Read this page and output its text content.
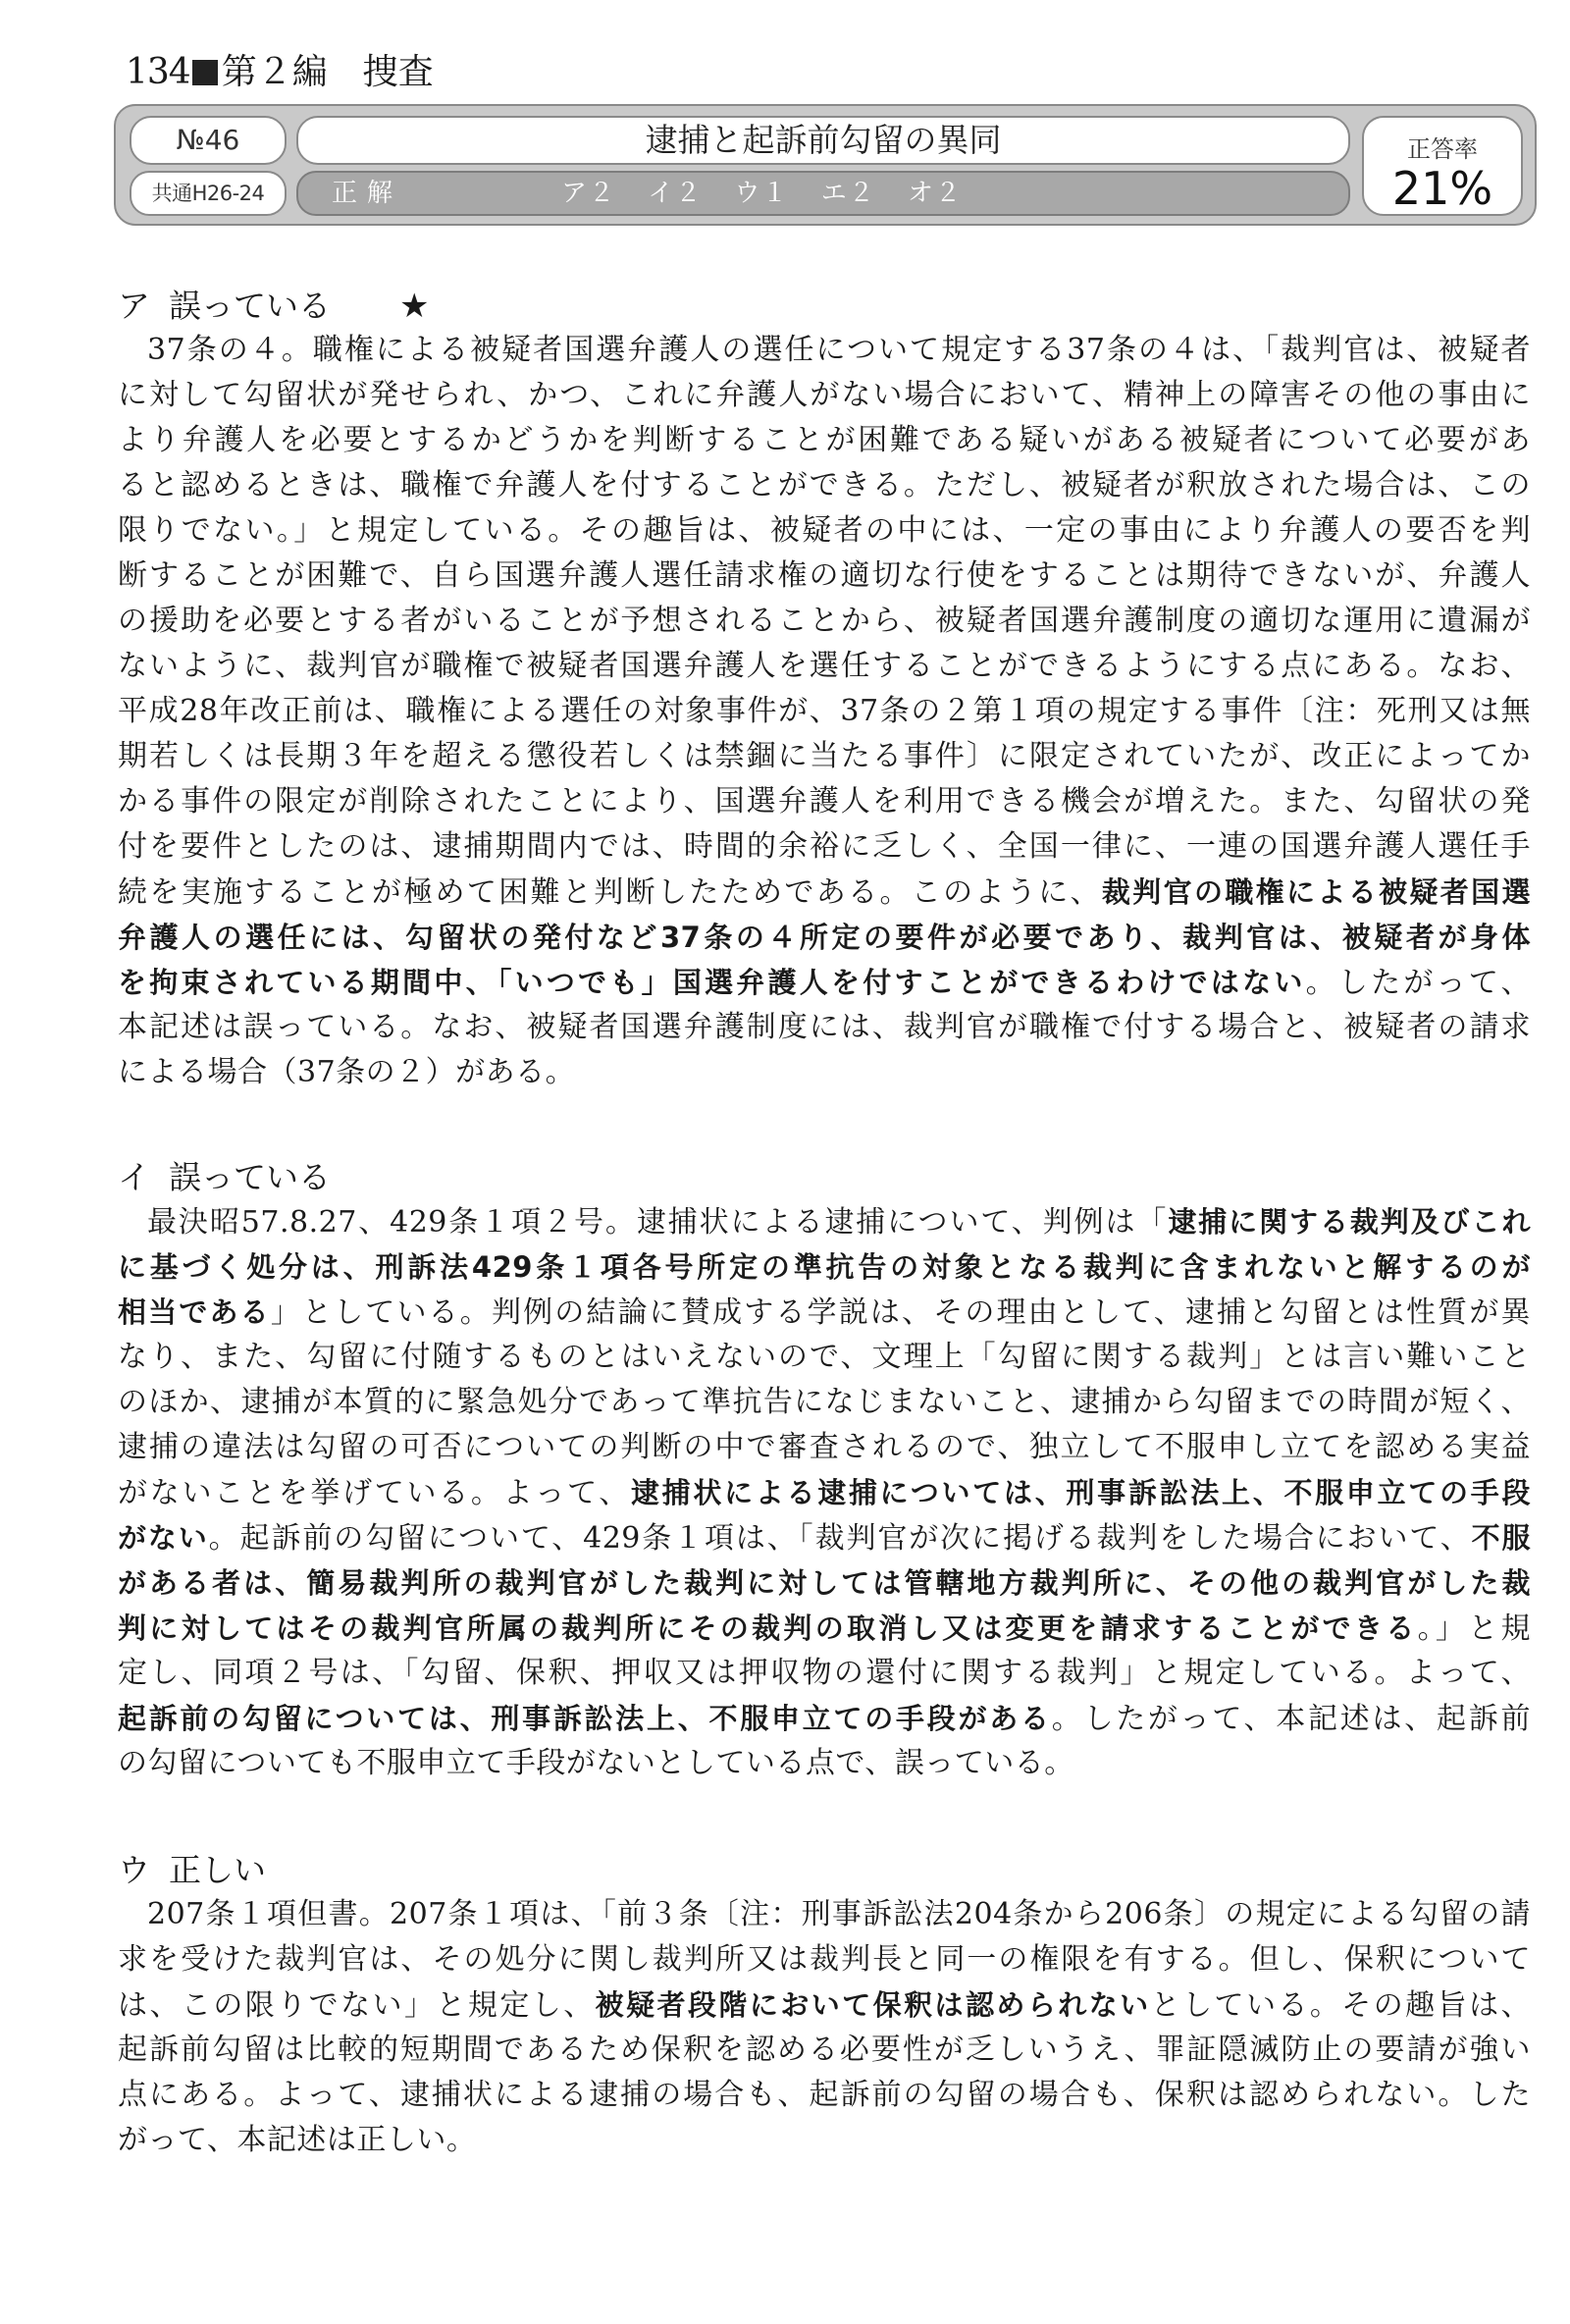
134 第２編　捜査
№46
共通H26-24
逮捕と起訴前勾留の異同
正解	ア２ イ２ ウ１ エ２ オ２
正答率
21%
ア 誤っている ★
37条の４。職権による被疑者国選弁護人の選任について規定する37条の４は、「裁判官は、被疑者
に対して勾留状が発せられ、かつ、これに弁護人がない場合において、精神上の障害その他の事由に
より弁護人を必要とするかどうかを判断することが困難である疑いがある被疑者について必要があ
ると認めるときは、職権で弁護人を付することができる。ただし、被疑者が釈放された場合は、この
限りでない。」と規定している。その趣旨は、被疑者の中には、一定の事由により弁護人の要否を判
断することが困難で、自ら国選弁護人選任請求権の適切な行使をすることは期待できないが、弁護人
の援助を必要とする者がいることが予想されることから、被疑者国選弁護制度の適切な運用に遺漏が
ないように、裁判官が職権で被疑者国選弁護人を選任することができるようにする点にある。なお、
平成28年改正前は、職権による選任の対象事件が、37条の２第１項の規定する事件〔注：死刑又は無
期若しくは長期３年を超える懲役若しくは禁錮に当たる事件〕に限定されていたが、改正によってか
かる事件の限定が削除されたことにより、国選弁護人を利用できる機会が増えた。また、勾留状の発
付を要件としたのは、逮捕期間内では、時間的余裕に乏しく、全国一律に、一連の国選弁護人選任手
続を実施することが極めて困難と判断したためである。このように、裁判官の職権による被疑者国選
弁護人の選任には、勾留状の発付など37条の４所定の要件が必要であり、裁判官は、被疑者が身体
を拘束されている期間中、「いつでも」国選弁護人を付すことができるわけではない。したがって、
本記述は誤っている。なお、被疑者国選弁護制度には、裁判官が職権で付する場合と、被疑者の請求
による場合（37条の２）がある。
イ 誤っている
最決昭57.8.27、429条１項２号。逮捕状による逮捕について、判例は「逮捕に関する裁判及びこれ
に基づく処分は、刑訴法429条１項各号所定の準抗告の対象となる裁判に含まれないと解するのが
相当である」としている。判例の結論に賛成する学説は、その理由として、逮捕と勾留とは性質が異
なり、また、勾留に付随するものとはいえないので、文理上「勾留に関する裁判」とは言い難いこと
のほか、逮捕が本質的に緊急処分であって準抗告になじまないこと、逮捕から勾留までの時間が短く、
逮捕の違法は勾留の可否についての判断の中で審査されるので、独立して不服申し立てを認める実益
がないことを挙げている。よって、逮捕状による逮捕については、刑事訴訟法上、不服申立ての手段
がない。起訴前の勾留について、429条１項は、「裁判官が次に掲げる裁判をした場合において、不服
がある者は、簡易裁判所の裁判官がした裁判に対しては管轄地方裁判所に、その他の裁判官がした裁
判に対してはその裁判官所属の裁判所にその裁判の取消し又は変更を請求することができる。」と規
定し、同項２号は、「勾留、保釈、押収又は押収物の還付に関する裁判」と規定している。よって、
起訴前の勾留については、刑事訴訟法上、不服申立ての手段がある。したがって、本記述は、起訴前
の勾留についても不服申立て手段がないとしている点で、誤っている。
ウ 正しい
207条１項但書。207条１項は、「前３条〔注：刑事訴訟法204条から206条〕の規定による勾留の請
求を受けた裁判官は、その処分に関し裁判所又は裁判長と同一の権限を有する。但し、保釈について
は、この限りでない」と規定し、被疑者段階において保釈は認められないとしている。その趣旨は、
起訴前勾留は比較的短期間であるため保釈を認める必要性が乏しいうえ、罪証隠滅防止の要請が強い
点にある。よって、逮捕状による逮捕の場合も、起訴前の勾留の場合も、保釈は認められない。した
がって、本記述は正しい。
